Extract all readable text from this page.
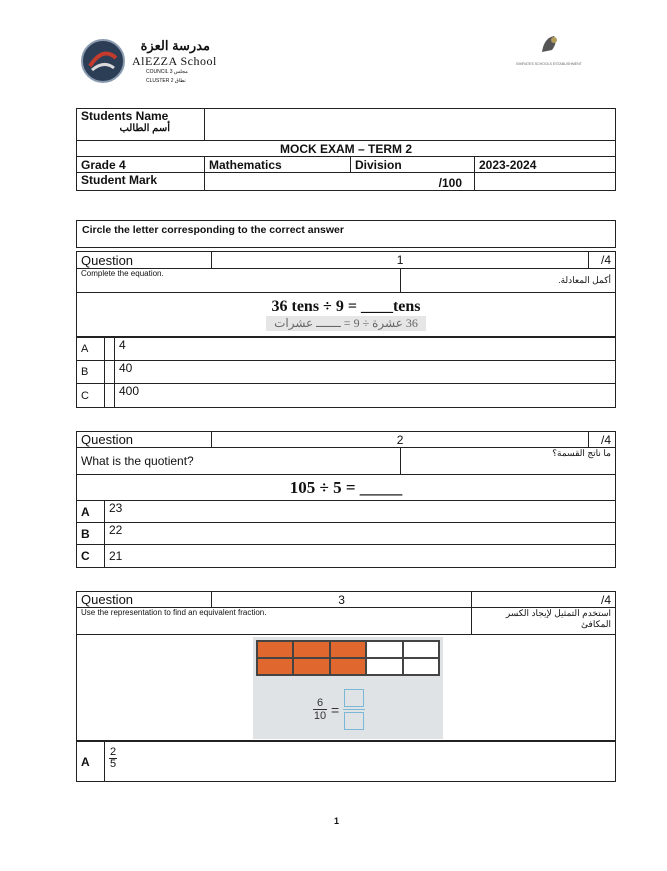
مدرسة العزة
AlEZZA School
COUNCIL 3 مجلس
CLUSTER 2 نطاق
EMIRATES SCHOOLS ESTABLISHMENT
Students Name
أسم الطالب			

MOCK EXAM – TERM 2			
Grade 4	Mathematics	Division	2023-2024
Student Mark	/100		
Circle the letter corresponding to the correct answer
Question	1		/4
Complete the equation.		أكمل المعادلة.	

36 tens ÷ 9 = ____tens
36 عشرة ÷ 9 = ـــــــ عشرات			
A		4
B		40
C		400
Question	2		/4
What is the quotient?		ما ناتج القسمة؟	

105 ÷ 5 = _____			
A	23
B	22
C	21
Question	3	/4
Use the representation to find an equivalent fraction.		استخدم التمثيل لإيجاد الكسر المكافئ

6
10 =		
A	$\frac{2}{5}$
1
